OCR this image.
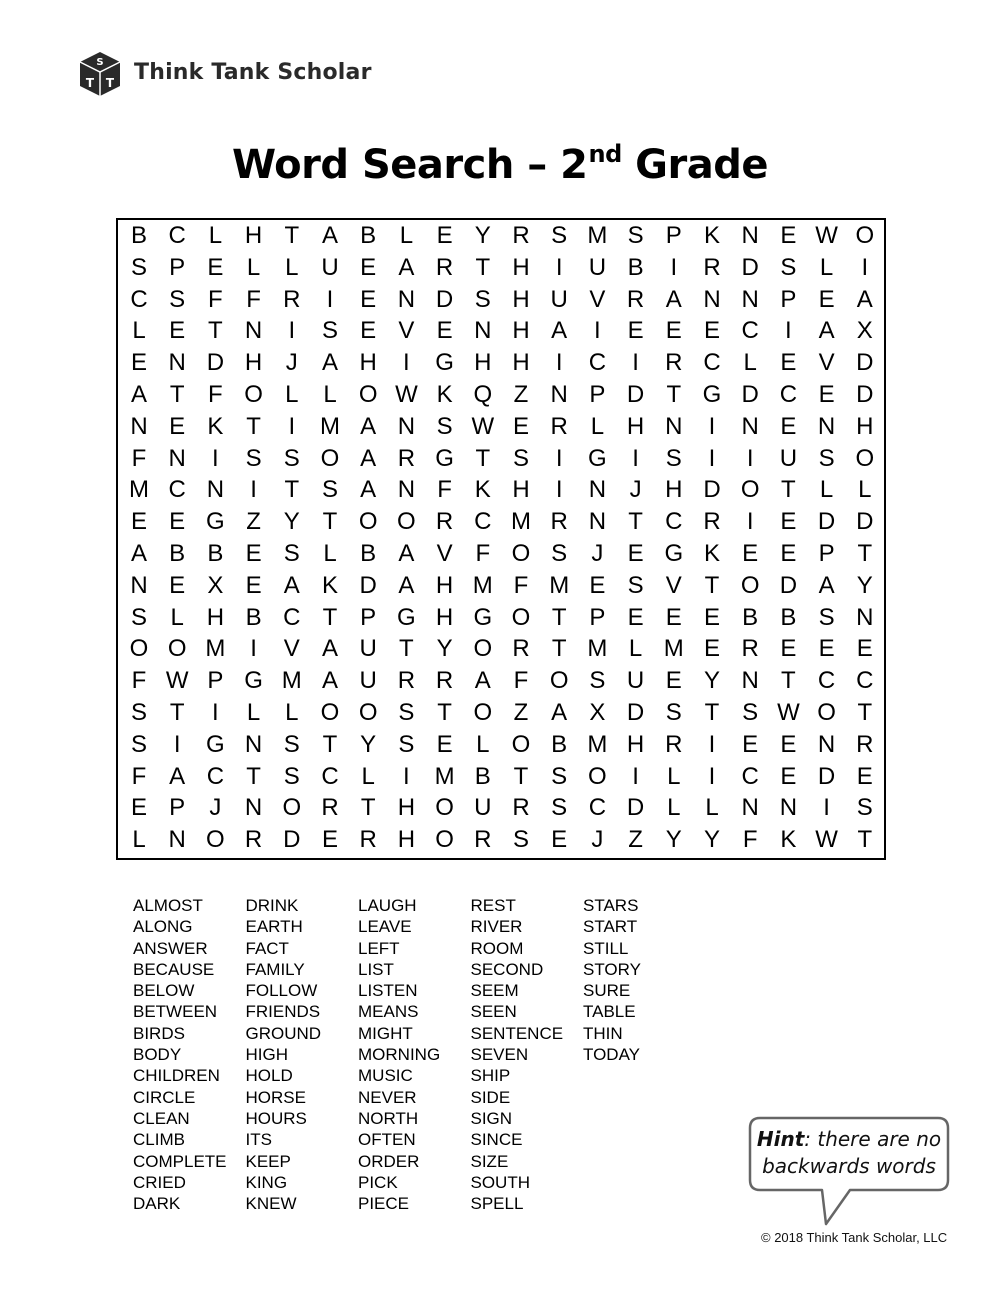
S
T T Think Tank Scholar
Word Search – 2nd Grade
B C L H T A B L E Y R S M S P K N E W O
S P E L	L U E A R T H	I	U B	I	R D S L	I
C S F F R	I	E N D S H U V R A N N P E A
L E T N	I	S E V E N H A	I	E E E C	I	A X
E N D H J	A H	I	G H H	I	C	I	R C L E V D
A T F O L	L O W K Q Z N P D T G D C E D
N E K T	I	M A N S W E R L H N	I	N E N H
F N	I	S S O A R G T S	I	G	I	S	I	I	U S O
M C N	I	T S A N F K H	I	N J H D O T	L	L
E E G Z Y T O O R C M R N T C R	I	E D D
A B B E S L B A V F O S	J	E G K E E P T
N E X E A K D A H M F M E S V T O D A Y
S L H B C T P G H G O T P E E E B B S N
O O M	I	V A U T Y O R T M L M E R E E E
F W P G M A U R R A F O S U E Y N T C C
S T	I	L	L O O S T O Z A X D S T S W O T
S	I	G N S T Y S E L O B M H R	I	E E N R
F A C T S C L	I	M B T S O	I	L	I	C E D E
E P	J N O R T H O U R S C D L	L N N	I	S
L N O R D E R H O R S E	J	Z Y Y F K W T
ALMOST
ALONG
ANSWER
BECAUSE
BELOW
BETWEEN
BIRDS
BODY
CHILDREN
CIRCLE
CLEAN
CLIMB
COMPLETE
CRIED
DARK
DRINK
EARTH
FACT
FAMILY
FOLLOW
FRIENDS
GROUND
HIGH
HOLD
HORSE
HOURS
ITS
KEEP
KING
KNEW
LAUGH
LEAVE
LEFT
LIST
LISTEN
MEANS
MIGHT
MORNING
MUSIC
NEVER
NORTH
OFTEN
ORDER
PICK
PIECE
REST
RIVER
ROOM
SECOND
SEEM
SEEN
SENTENCE
SEVEN
SHIP
SIDE
SIGN
SINCE
SIZE
SOUTH
SPELL
STARS
START
STILL
STORY
SURE
TABLE
THIN
TODAY
Hint: there are no backwards words
© 2018 Think Tank Scholar, LLC
